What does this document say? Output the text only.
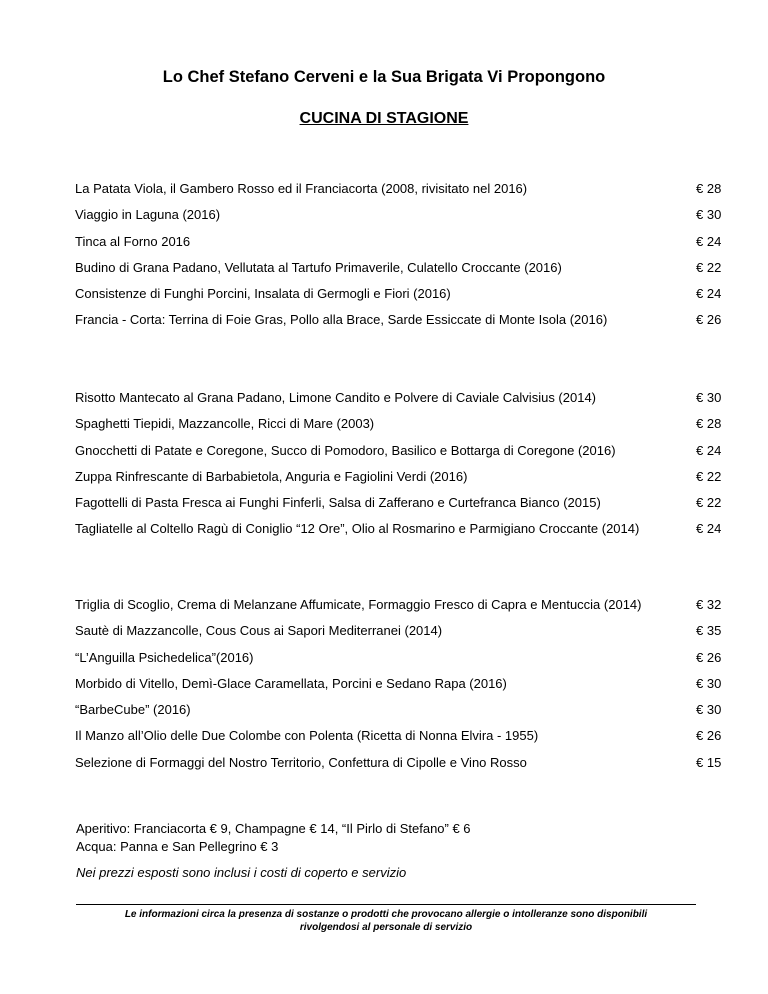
Lo Chef Stefano Cerveni e la Sua Brigata Vi Propongono
CUCINA DI STAGIONE
La Patata Viola, il Gambero Rosso ed il Franciacorta (2008, rivisitato nel 2016)	€ 28
Viaggio in Laguna (2016)	€ 30
Tinca al Forno 2016	€ 24
Budino di Grana Padano, Vellutata al Tartufo Primaverile, Culatello Croccante (2016)	€ 22
Consistenze di Funghi Porcini, Insalata di Germogli e Fiori (2016)	€ 24
Francia - Corta: Terrina di Foie Gras, Pollo alla Brace, Sarde Essiccate di Monte Isola (2016)	€ 26
Risotto Mantecato al Grana Padano, Limone Candito e Polvere di Caviale Calvisius (2014)	€ 30
Spaghetti Tiepidi, Mazzancolle, Ricci di Mare (2003)	€ 28
Gnocchetti di Patate e Coregone, Succo di Pomodoro, Basilico e Bottarga di Coregone (2016)	€ 24
Zuppa Rinfrescante di Barbabietola, Anguria e Fagiolini Verdi (2016)	€ 22
Fagottelli di Pasta Fresca ai Funghi Finferli, Salsa di Zafferano e Curtefranca Bianco (2015)	€ 22
Tagliatelle al Coltello Ragù di Coniglio “12 Ore”, Olio al Rosmarino e Parmigiano Croccante (2014)	€ 24
Triglia di Scoglio, Crema di Melanzane Affumicate, Formaggio Fresco di Capra e Mentuccia (2014)	€ 32
Sautè di Mazzancolle, Cous Cous ai Sapori Mediterranei (2014)	€ 35
“L’Anguilla Psichedelica”(2016)	€ 26
Morbido di Vitello, Demì-Glace Caramellata, Porcini e Sedano Rapa (2016)	€ 30
“BarbeCube” (2016)	€ 30
Il Manzo all’Olio delle Due Colombe con Polenta (Ricetta di Nonna Elvira - 1955)	€ 26
Selezione di Formaggi del Nostro Territorio, Confettura di Cipolle e Vino Rosso	€ 15
Aperitivo: Franciacorta € 9, Champagne € 14, “Il Pirlo di Stefano” € 6
Acqua: Panna e San Pellegrino € 3
Nei prezzi esposti sono inclusi i costi di coperto e servizio
Le informazioni circa la presenza di sostanze o prodotti che provocano allergie o intolleranze sono disponibili
rivolgendosi al personale di servizio
